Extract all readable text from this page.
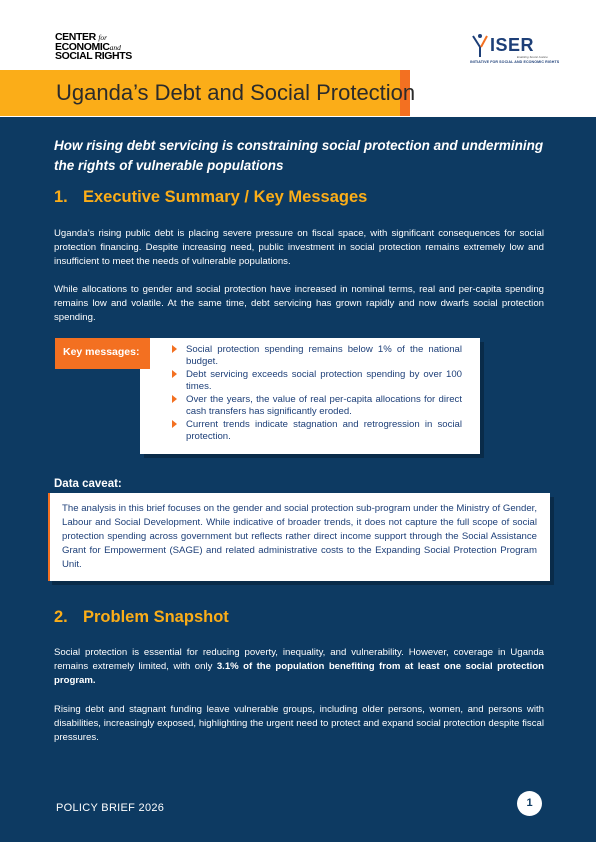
CENTER for
ECONOMICand
SOCIAL RIGHTS
ISER
Enabling Social Justice
INITIATIVE FOR SOCIAL AND ECONOMIC RIGHTS
Uganda’s Debt and Social Protection
How rising debt servicing is constraining social protection and undermining the rights of vulnerable populations
1. Executive Summary / Key Messages
Uganda’s rising public debt is placing severe pressure on fiscal space, with significant consequences for social protection financing. Despite increasing need, public investment in social protection remains extremely low and insufficient to meet the needs of vulnerable populations.
While allocations to gender and social protection have increased in nominal terms, real and per-capita spending remains low and volatile. At the same time, debt servicing has grown rapidly and now dwarfs social protection spending.
Key messages:	Social protection spending remains below 1% of the national budget.
Debt servicing exceeds social protection spending by over 100 times.
Over the years, the value of real per-capita allocations for direct cash transfers has significantly eroded.
Current trends indicate stagnation and retrogression in social protection.
Data caveat:
The analysis in this brief focuses on the gender and social protection sub-program under the Ministry of Gender, Labour and Social Development. While indicative of broader trends, it does not capture the full scope of social protection spending across government but reflects rather direct income support through the Social Assistance Grant for Empowerment (SAGE) and related administrative costs to the Expanding Social Protection Program Unit.
2. Problem Snapshot
Social protection is essential for reducing poverty, inequality, and vulnerability. However, coverage in Uganda remains extremely limited, with only 3.1% of the population benefiting from at least one social protection program.
Rising debt and stagnant funding leave vulnerable groups, including older persons, women, and persons with disabilities, increasingly exposed, highlighting the urgent need to protect and expand social protection despite fiscal pressures.
POLICY BRIEF 2026	1
